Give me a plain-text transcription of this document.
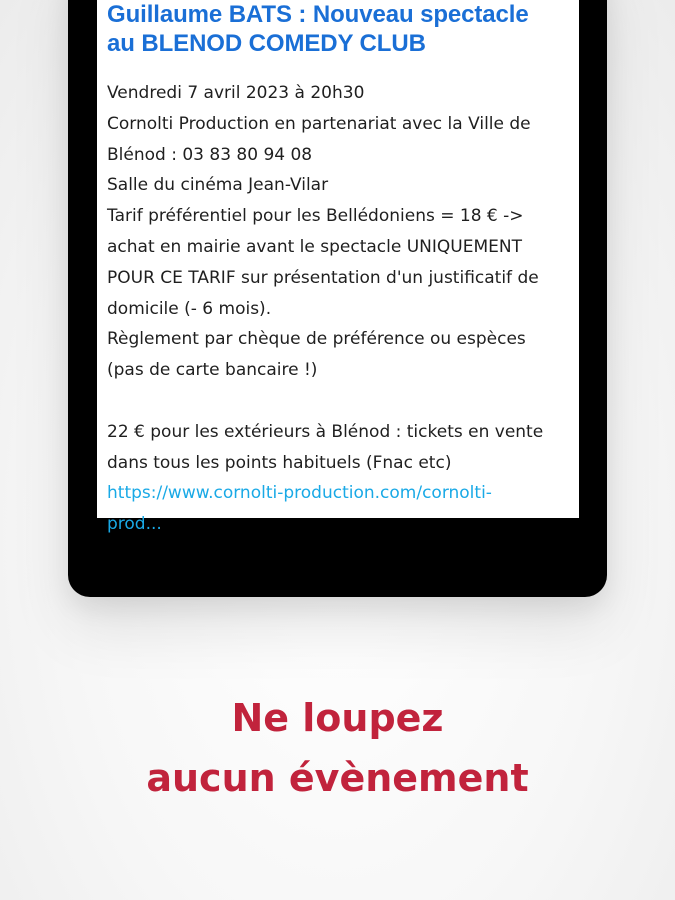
Guillaume BATS : Nouveau spectacle
au BLENOD COMEDY CLUB
Vendredi 7 avril 2023 à 20h30
Cornolti Production en partenariat avec la Ville de
Blénod : 03 83 80 94 08
Salle du cinéma Jean-Vilar
Tarif préférentiel pour les Bellédoniens = 18 € ->
achat en mairie avant le spectacle UNIQUEMENT
POUR CE TARIF sur présentation d'un justificatif de
domicile (- 6 mois).
Règlement par chèque de préférence ou espèces
(pas de carte bancaire !)
22 € pour les extérieurs à Blénod : tickets en vente
dans tous les points habituels (Fnac etc)
https://www.cornolti-production.com/cornolti-
prod...
Ne loupez
aucun évènement
